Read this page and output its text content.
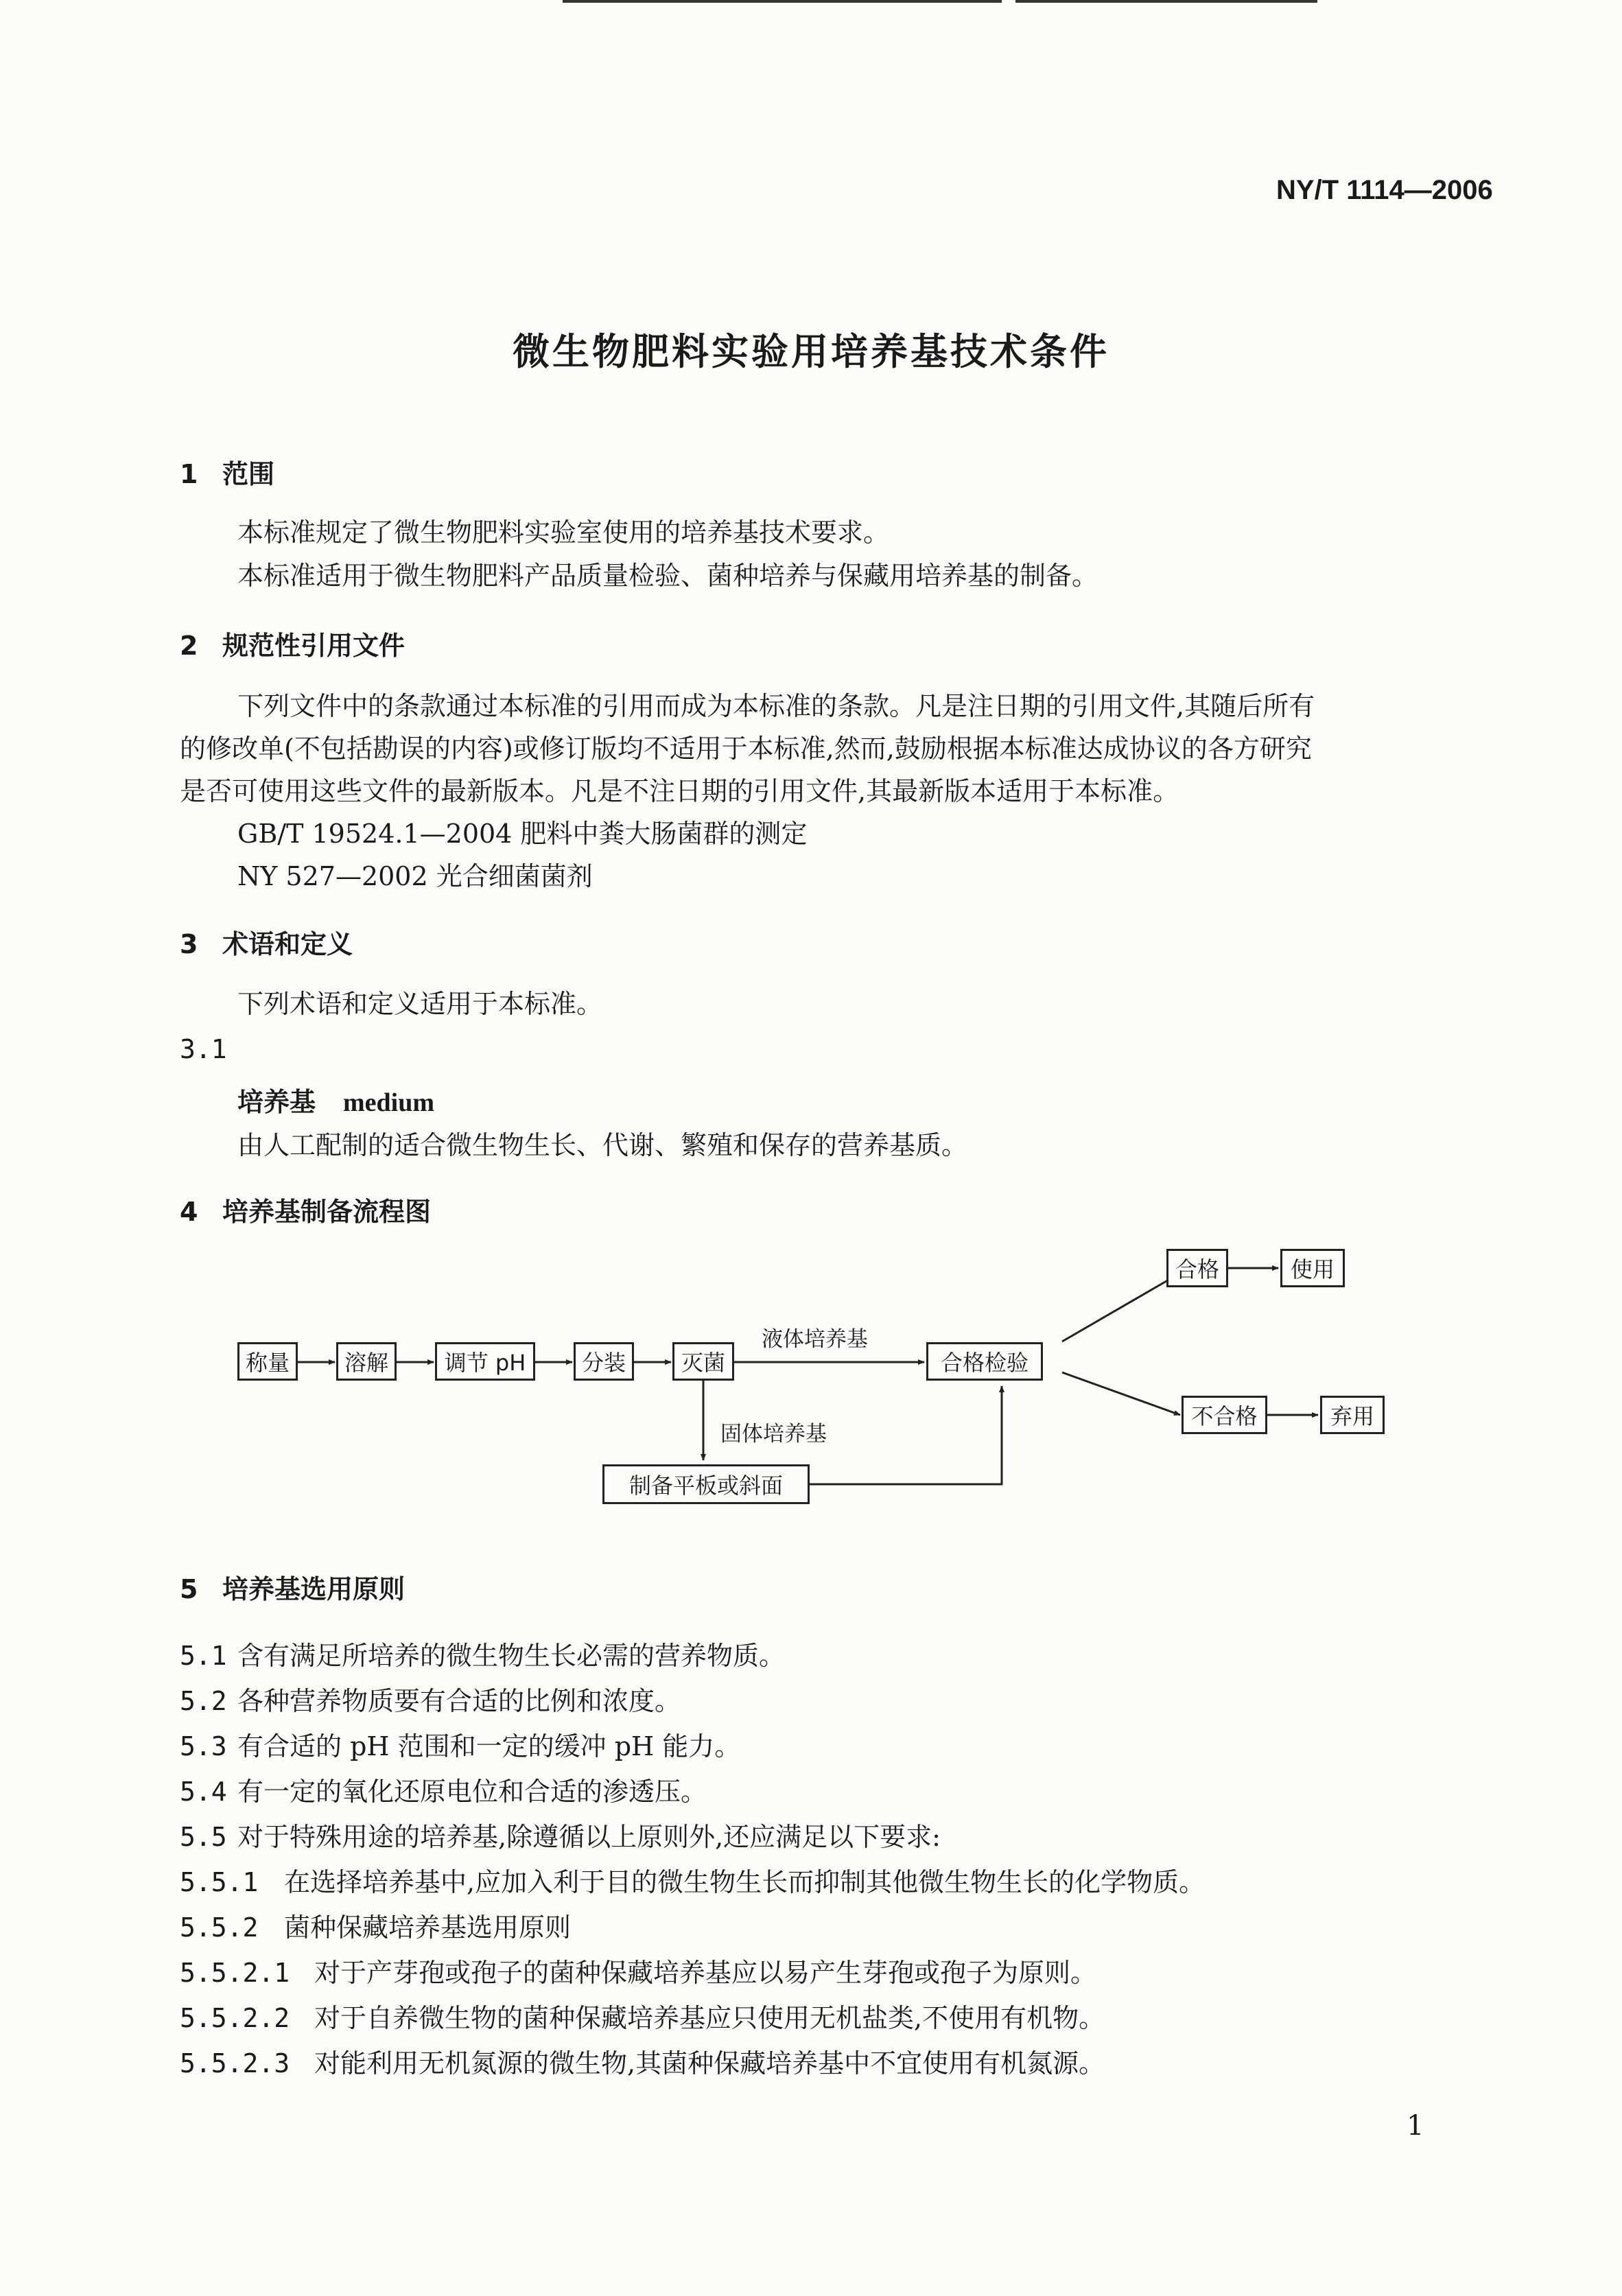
NY/T 1114—2006
微生物肥料实验用培养基技术条件
1 范围
本标准规定了微生物肥料实验室使用的培养基技术要求。
本标准适用于微生物肥料产品质量检验、菌种培养与保藏用培养基的制备。
2 规范性引用文件
下列文件中的条款通过本标准的引用而成为本标准的条款。凡是注日期的引用文件,其随后所有
的修改单(不包括勘误的内容)或修订版均不适用于本标准,然而,鼓励根据本标准达成协议的各方研究
是否可使用这些文件的最新版本。凡是不注日期的引用文件,其最新版本适用于本标准。
GB/T 19524.1—2004 肥料中粪大肠菌群的测定
NY 527—2002 光合细菌菌剂
3 术语和定义
下列术语和定义适用于本标准。
3.1
培养基 medium
由人工配制的适合微生物生长、代谢、繁殖和保存的营养基质。
4 培养基制备流程图
称量	溶解	调节 pH	分装	灭菌
液体培养基
合格检验
合格	使用
不合格	弃用
固体培养基
制备平板或斜面
5 培养基选用原则
5.1 含有满足所培养的微生物生长必需的营养物质。
5.2 各种营养物质要有合适的比例和浓度。
5.3 有合适的 pH 范围和一定的缓冲 pH 能力。
5.4 有一定的氧化还原电位和合适的渗透压。
5.5 对于特殊用途的培养基,除遵循以上原则外,还应满足以下要求:
5.5.1 在选择培养基中,应加入利于目的微生物生长而抑制其他微生物生长的化学物质。
5.5.2 菌种保藏培养基选用原则
5.5.2.1 对于产芽孢或孢子的菌种保藏培养基应以易产生芽孢或孢子为原则。
5.5.2.2 对于自养微生物的菌种保藏培养基应只使用无机盐类,不使用有机物。
5.5.2.3 对能利用无机氮源的微生物,其菌种保藏培养基中不宜使用有机氮源。
1
